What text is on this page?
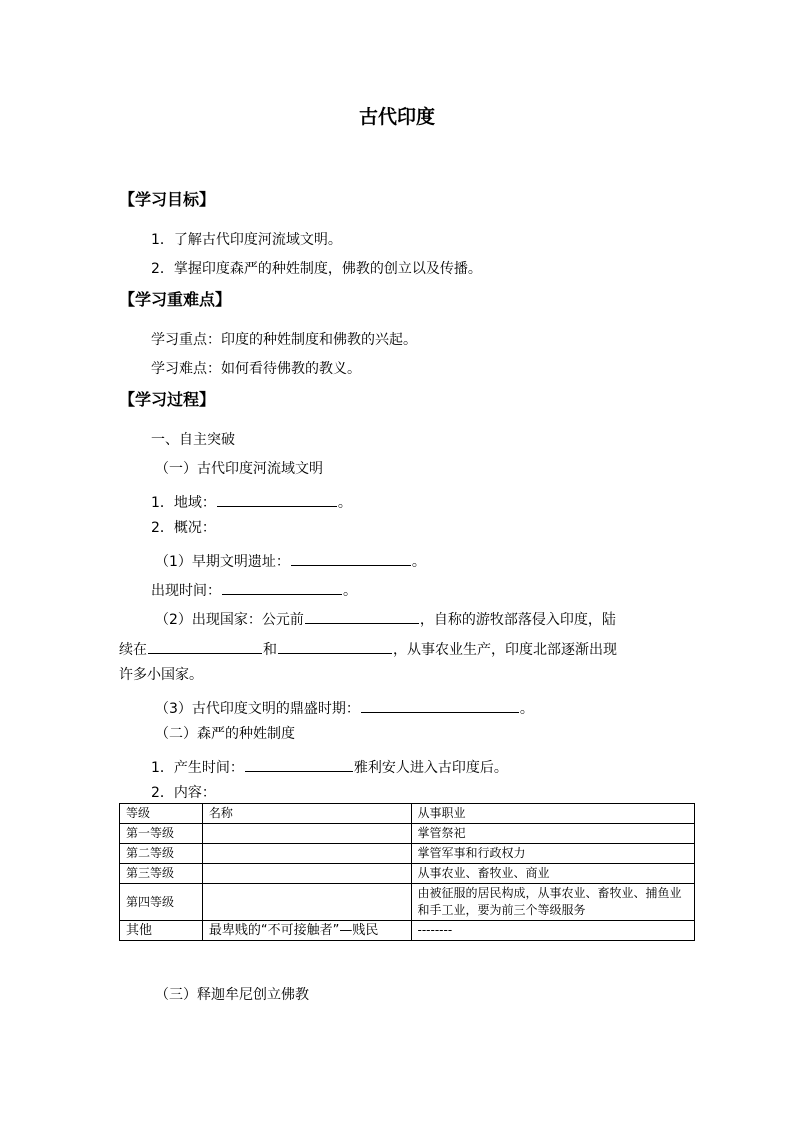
古代印度
【学习目标】
1．了解古代印度河流域文明。
2．掌握印度森严的种姓制度，佛教的创立以及传播。
【学习重难点】
学习重点：印度的种姓制度和佛教的兴起。
学习难点：如何看待佛教的教义。
【学习过程】
一、自主突破
（一）古代印度河流域文明
1．地域：	。
2．概况：
（1）早期文明遗址：	。
出现时间：	。
（2）出现国家：公元前	，自称的游牧部落侵入印度，陆
续在	和	，从事农业生产，印度北部逐渐出现
许多小国家。
（3）古代印度文明的鼎盛时期：	。
（二）森严的种姓制度
1．产生时间：	雅利安人进入古印度后。
2．内容：
等级	名称	从事职业
第一等级		掌管祭祀
第二等级		掌管军事和行政权力
第三等级		从事农业、畜牧业、商业
第四等级		由被征服的居民构成，从事农业、畜牧业、捕鱼业和手工业，要为前三个等级服务
其他	最卑贱的“不可接触者”—贱民	--------
（三）释迦牟尼创立佛教
